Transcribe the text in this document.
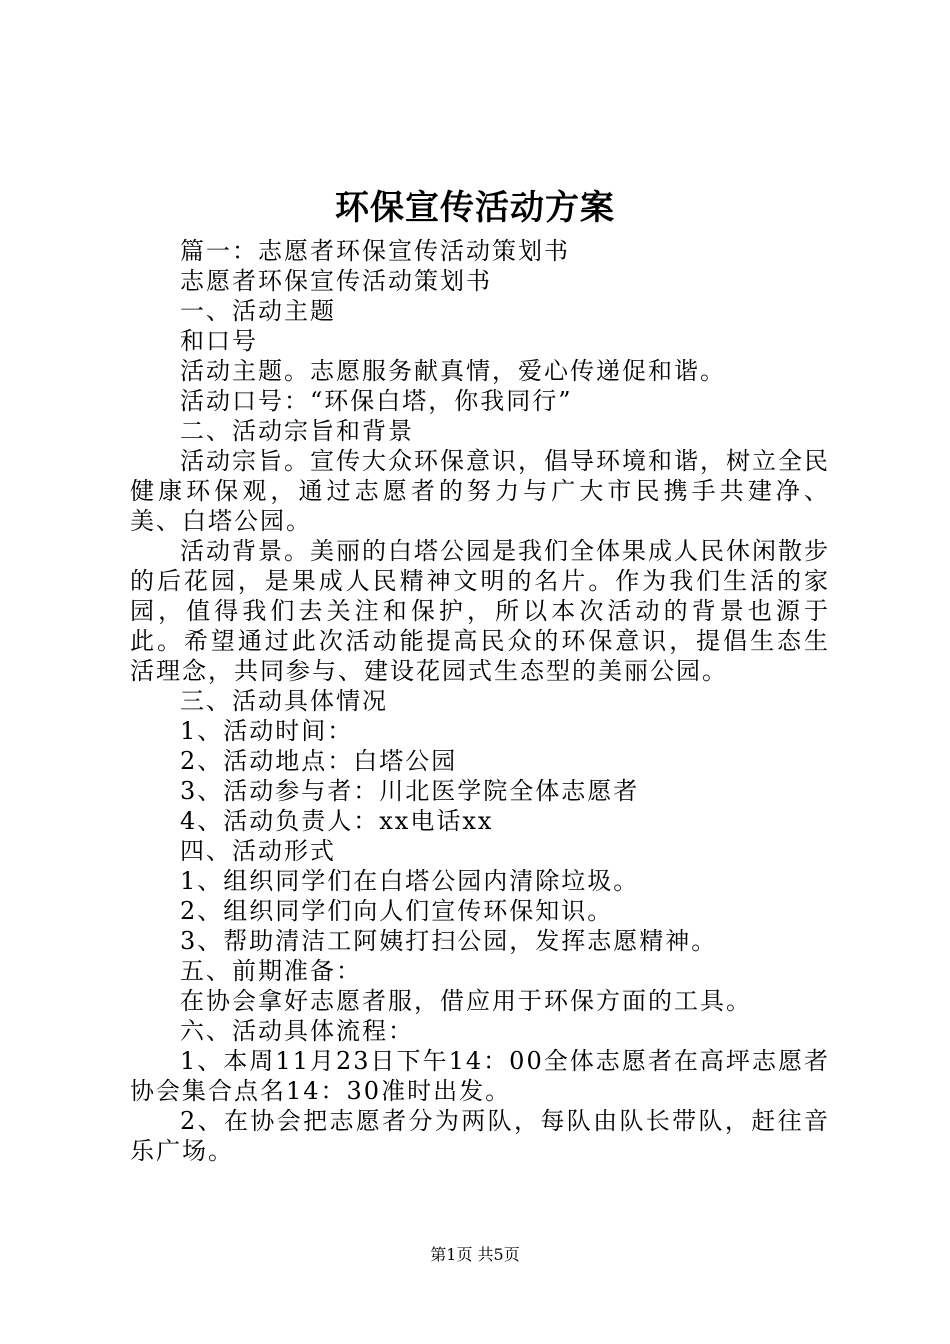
环保宣传活动方案

篇一：志愿者环保宣传活动策划书

志愿者环保宣传活动策划书

一、活动主题

和口号

活动主题。志愿服务献真情，爱心传递促和谐。

活动口号：“环保白塔，你我同行”

二、活动宗旨和背景

活动宗旨。宣传大众环保意识，倡导环境和谐，树立全民健康环保观，通过志愿者的努力与广大市民携手共建净、美、白塔公园。

活动背景。美丽的白塔公园是我们全体果成人民休闲散步的后花园，是果成人民精神文明的名片。作为我们生活的家园，值得我们去关注和保护，所以本次活动的背景也源于此。希望通过此次活动能提高民众的环保意识，提倡生态生活理念，共同参与、建设花园式生态型的美丽公园。

三、活动具体情况

1、活动时间：

2、活动地点：白塔公园

3、活动参与者：川北医学院全体志愿者

4、活动负责人：xx电话xx

四、活动形式

1、组织同学们在白塔公园内清除垃圾。

2、组织同学们向人们宣传环保知识。

3、帮助清洁工阿姨打扫公园，发挥志愿精神。

五、前期准备：

在协会拿好志愿者服，借应用于环保方面的工具。

六、活动具体流程：

1、本周11月23日下午14：00全体志愿者在高坪志愿者协会集合点名14：30准时出发。

2、在协会把志愿者分为两队，每队由队长带队，赶往音乐广场。

第1页 共5页
